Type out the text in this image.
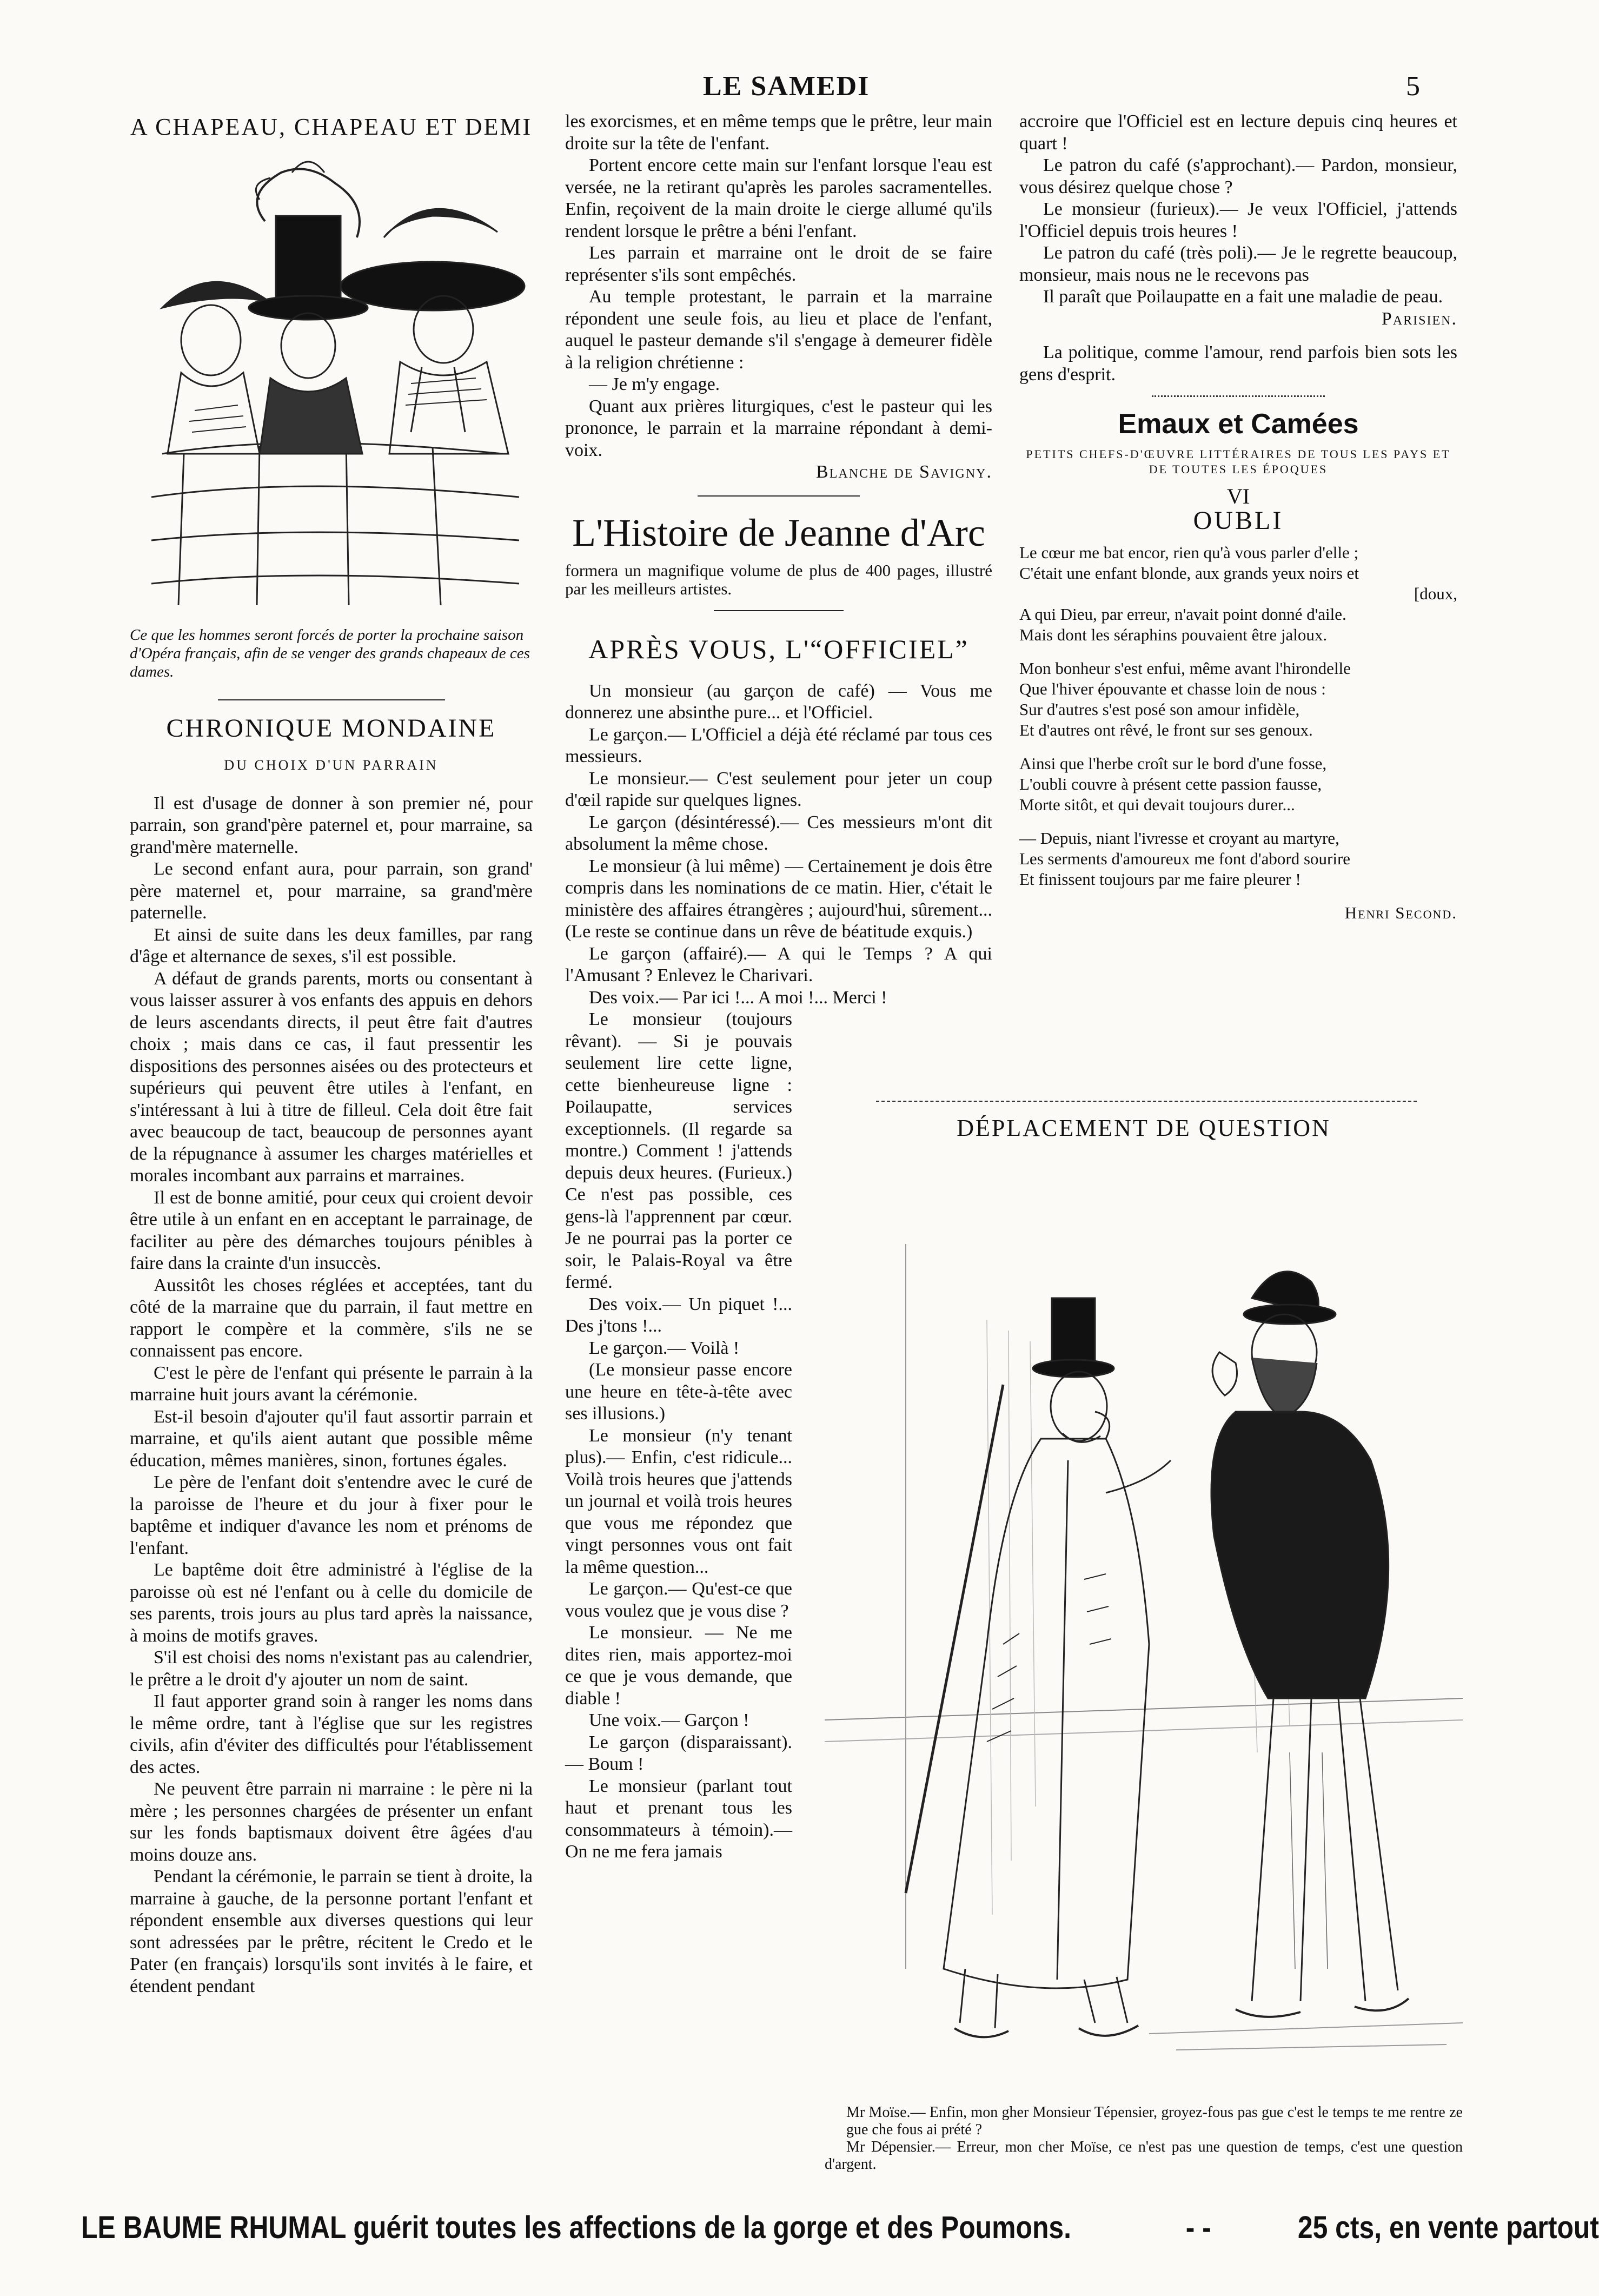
LE SAMEDI	5
A CHAPEAU, CHAPEAU ET DEMI
Ce que les hommes seront forcés de porter la prochaine saison d'Opéra français, afin de se venger des grands chapeaux de ces dames.
CHRONIQUE MONDAINE
DU CHOIX D'UN PARRAIN

Il est d'usage de donner à son premier né, pour parrain, son grand'père paternel et, pour marraine, sa grand'mère maternelle.

Le second enfant aura, pour parrain, son grand' père maternel et, pour marraine, sa grand'mère paternelle.

Et ainsi de suite dans les deux familles, par rang d'âge et alternance de sexes, s'il est possible.

A défaut de grands parents, morts ou consentant à vous laisser assurer à vos enfants des appuis en dehors de leurs ascendants directs, il peut être fait d'autres choix ; mais dans ce cas, il faut pressentir les dispositions des personnes aisées ou des protecteurs et supérieurs qui peuvent être utiles à l'enfant, en s'intéressant à lui à titre de filleul. Cela doit être fait avec beaucoup de tact, beaucoup de personnes ayant de la répugnance à assumer les charges matérielles et morales incombant aux parrains et marraines.

Il est de bonne amitié, pour ceux qui croient devoir être utile à un enfant en en acceptant le parrainage, de faciliter au père des démarches toujours pénibles à faire dans la crainte d'un insuccès.

Aussitôt les choses réglées et acceptées, tant du côté de la marraine que du parrain, il faut mettre en rapport le compère et la commère, s'ils ne se connaissent pas encore.

C'est le père de l'enfant qui présente le parrain à la marraine huit jours avant la cérémonie.

Est-il besoin d'ajouter qu'il faut assortir parrain et marraine, et qu'ils aient autant que possible même éducation, mêmes manières, sinon, fortunes égales.

Le père de l'enfant doit s'entendre avec le curé de la paroisse de l'heure et du jour à fixer pour le baptême et indiquer d'avance les nom et prénoms de l'enfant.

Le baptême doit être administré à l'église de la paroisse où est né l'enfant ou à celle du domicile de ses parents, trois jours au plus tard après la naissance, à moins de motifs graves.

S'il est choisi des noms n'existant pas au calendrier, le prêtre a le droit d'y ajouter un nom de saint.

Il faut apporter grand soin à ranger les noms dans le même ordre, tant à l'église que sur les registres civils, afin d'éviter des difficultés pour l'établissement des actes.

Ne peuvent être parrain ni marraine : le père ni la mère ; les personnes chargées de présenter un enfant sur les fonds baptismaux doivent être âgées d'au moins douze ans.

Pendant la cérémonie, le parrain se tient à droite, la marraine à gauche, de la personne portant l'enfant et répondent ensemble aux diverses questions qui leur sont adressées par le prêtre, récitent le Credo et le Pater (en français) lorsqu'ils sont invités à le faire, et étendent pendant

les exorcismes, et en même temps que le prêtre, leur main droite sur la tête de l'enfant.

Portent encore cette main sur l'enfant lorsque l'eau est versée, ne la retirant qu'après les paroles sacramentelles. Enfin, reçoivent de la main droite le cierge allumé qu'ils rendent lorsque le prêtre a béni l'enfant.

Les parrain et marraine ont le droit de se faire représenter s'ils sont empêchés.

Au temple protestant, le parrain et la marraine répondent une seule fois, au lieu et place de l'enfant, auquel le pasteur demande s'il s'engage à demeurer fidèle à la religion chrétienne :

— Je m'y engage.

Quant aux prières liturgiques, c'est le pasteur qui les prononce, le parrain et la marraine répondant à demi-voix.

Blanche de Savigny.

L'Histoire de Jeanne d'Arc

formera un magnifique volume de plus de 400 pages, illustré par les meilleurs artistes.

APRÈS VOUS, L'“OFFICIEL”

Un monsieur (au garçon de café) — Vous me donnerez une absinthe pure... et l'Officiel.

Le garçon.— L'Officiel a déjà été réclamé par tous ces messieurs.

Le monsieur.— C'est seulement pour jeter un coup d'œil rapide sur quelques lignes.

Le garçon (désintéressé).— Ces messieurs m'ont dit absolument la même chose.

Le monsieur (à lui même) — Certainement je dois être compris dans les nominations de ce matin. Hier, c'était le ministère des affaires étrangères ; aujourd'hui, sûrement... (Le reste se continue dans un rêve de béatitude exquis.)

Le garçon (affairé).— A qui le Temps ? A qui l'Amusant ? Enlevez le Charivari.

Des voix.— Par ici !... A moi !... Merci !

Le monsieur (toujours rêvant). — Si je pouvais seulement lire cette ligne, cette bienheureuse ligne : Poilaupatte, services exceptionnels. (Il regarde sa montre.) Comment ! j'attends depuis deux heures. (Furieux.) Ce n'est pas possible, ces gens-là l'apprennent par cœur. Je ne pourrai pas la porter ce soir, le Palais-Royal va être fermé.

Des voix.— Un piquet !... Des j'tons !...

Le garçon.— Voilà !

(Le monsieur passe encore une heure en tête-à-tête avec ses illusions.)

Le monsieur (n'y tenant plus).— Enfin, c'est ridicule... Voilà trois heures que j'attends un journal et voilà trois heures que vous me répondez que vingt personnes vous ont fait la même question...

Le garçon.— Qu'est-ce que vous voulez que je vous dise ?

Le monsieur. — Ne me dites rien, mais apportez-moi ce que je vous demande, que diable !

Une voix.— Garçon !

Le garçon (disparaissant).— Boum !

Le monsieur (parlant tout haut et prenant tous les consommateurs à témoin).— On ne me fera jamais

accroire que l'Officiel est en lecture depuis cinq heures et quart !

Le patron du café (s'approchant).— Pardon, monsieur, vous désirez quelque chose ?

Le monsieur (furieux).— Je veux l'Officiel, j'attends l'Officiel depuis trois heures !

Le patron du café (très poli).— Je le regrette beaucoup, monsieur, mais nous ne le recevons pas

Il paraît que Poilaupatte en a fait une maladie de peau.

Parisien.

La politique, comme l'amour, rend parfois bien sots les gens d'esprit.

Emaux et Camées
PETITS CHEFS-D'ŒUVRE LITTÉRAIRES DE TOUS LES PAYS ET DE TOUTES LES ÉPOQUES
VI
OUBLI
Le cœur me bat encor, rien qu'à vous parler d'elle ;
C'était une enfant blonde, aux grands yeux noirs et
[doux,
A qui Dieu, par erreur, n'avait point donné d'aile.
Mais dont les séraphins pouvaient être jaloux.
Mon bonheur s'est enfui, même avant l'hirondelle
Que l'hiver épouvante et chasse loin de nous :
Sur d'autres s'est posé son amour infidèle,
Et d'autres ont rêvé, le front sur ses genoux.
Ainsi que l'herbe croît sur le bord d'une fosse,
L'oubli couvre à présent cette passion fausse,
Morte sitôt, et qui devait toujours durer...
— Depuis, niant l'ivresse et croyant au martyre,
Les serments d'amoureux me font d'abord sourire
Et finissent toujours par me faire pleurer !
Henri Second.
DÉPLACEMENT DE QUESTION

Mr Moïse.— Enfin, mon gher Monsieur Tépensier, groyez-fous pas gue c'est le temps te me rentre ze gue che fous ai prété ?

Mr Dépensier.— Erreur, mon cher Moïse, ce n'est pas une question de temps, c'est une question d'argent.

LE BAUME RHUMAL guérit toutes les affections de la gorge et des Poumons.	- -	25 cts, en vente partout
